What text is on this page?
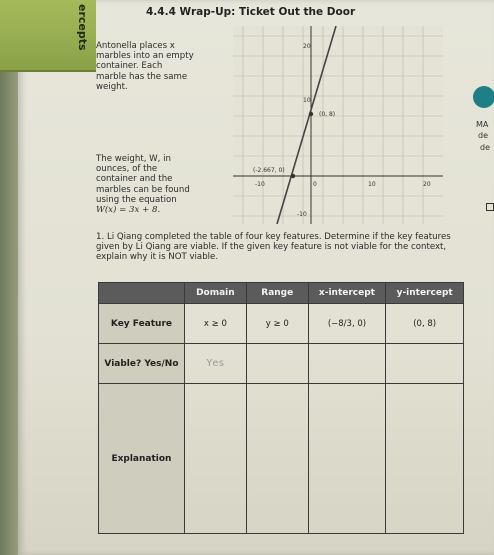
ercepts	4.4.4 Wrap-Up: Ticket Out the Door
Antonella places x
marbles into an empty
container. Each
marble has the same
weight.
The weight, W, in
ounces, of the
container and the
marbles can be found
using the equation
W(x) = 3x + 8.
(0, 8)
(-2.667, 0)
-10	0	10	20
20
10
-10
MA
de
de
1. Li Qiang completed the table of four key features. Determine if the key features given by Li Qiang are viable. If the given key feature is not viable for the context, explain why it is NOT viable.
	Domain	Range	x-intercept	y-intercept
Key Feature	x ≥ 0	y ≥ 0	(−8/3, 0)	(0, 8)
Viable? Yes/No	Yes			
Explanation				
